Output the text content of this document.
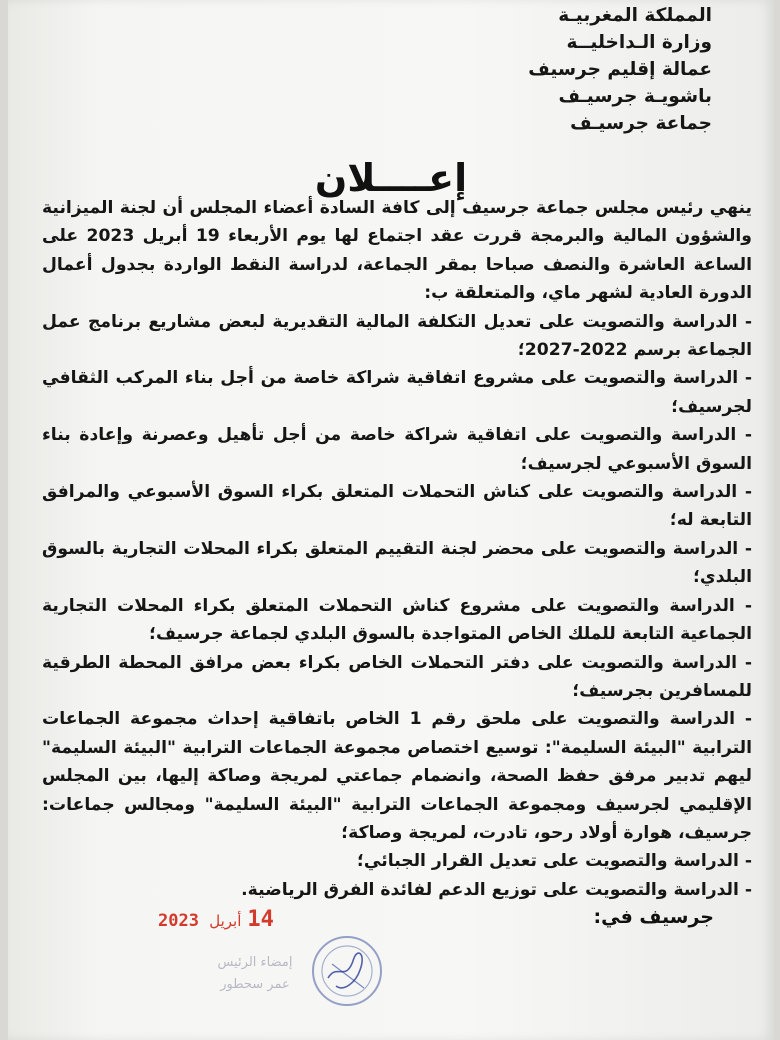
المملكة المغربيـة
وزارة الـداخليــة
عمالة إقليم جرسيف
باشويـة جرسيـف
جماعة جرسيـف
إعــــلان

ينهي رئيس مجلس جماعة جرسيف إلى كافة السادة أعضاء المجلس أن لجنة الميزانية والشؤون المالية والبرمجة قررت عقد اجتماع لها يوم الأربعاء 19 أبريل 2023 على الساعة العاشرة والنصف صباحا بمقر الجماعة، لدراسة النقط الواردة بجدول أعمال الدورة العادية لشهر ماي، والمتعلقة ب:

- الدراسة والتصويت على تعديل التكلفة المالية التقديرية لبعض مشاريع برنامج عمل الجماعة برسم 2022-2027؛

- الدراسة والتصويت على مشروع اتفاقية شراكة خاصة من أجل بناء المركب الثقافي لجرسيف؛

- الدراسة والتصويت على اتفاقية شراكة خاصة من أجل تأهيل وعصرنة وإعادة بناء السوق الأسبوعي لجرسيف؛

- الدراسة والتصويت على كناش التحملات المتعلق بكراء السوق الأسبوعي والمرافق التابعة له؛

- الدراسة والتصويت على محضر لجنة التقييم المتعلق بكراء المحلات التجارية بالسوق البلدي؛

- الدراسة والتصويت على مشروع كناش التحملات المتعلق بكراء المحلات التجارية الجماعية التابعة للملك الخاص المتواجدة بالسوق البلدي لجماعة جرسيف؛

- الدراسة والتصويت على دفتر التحملات الخاص بكراء بعض مرافق المحطة الطرقية للمسافرين بجرسيف؛

- الدراسة والتصويت على ملحق رقم 1 الخاص باتفاقية إحداث مجموعة الجماعات الترابية "البيئة السليمة": توسيع اختصاص مجموعة الجماعات الترابية "البيئة السليمة" ليهم تدبير مرفق حفظ الصحة، وانضمام جماعتي لمريجة وصاكة إليها، بين المجلس الإقليمي لجرسيف ومجموعة الجماعات الترابية "البيئة السليمة" ومجالس جماعات: جرسيف، هوارة أولاد رحو، تادرت، لمريجة وصاكة؛

- الدراسة والتصويت على تعديل القرار الجبائي؛

- الدراسة والتصويت على توزيع الدعم لفائدة الفرق الرياضية.

جرسيف في:
14أبريل 2023
إمضاء الرئيس
عمر سحطور
